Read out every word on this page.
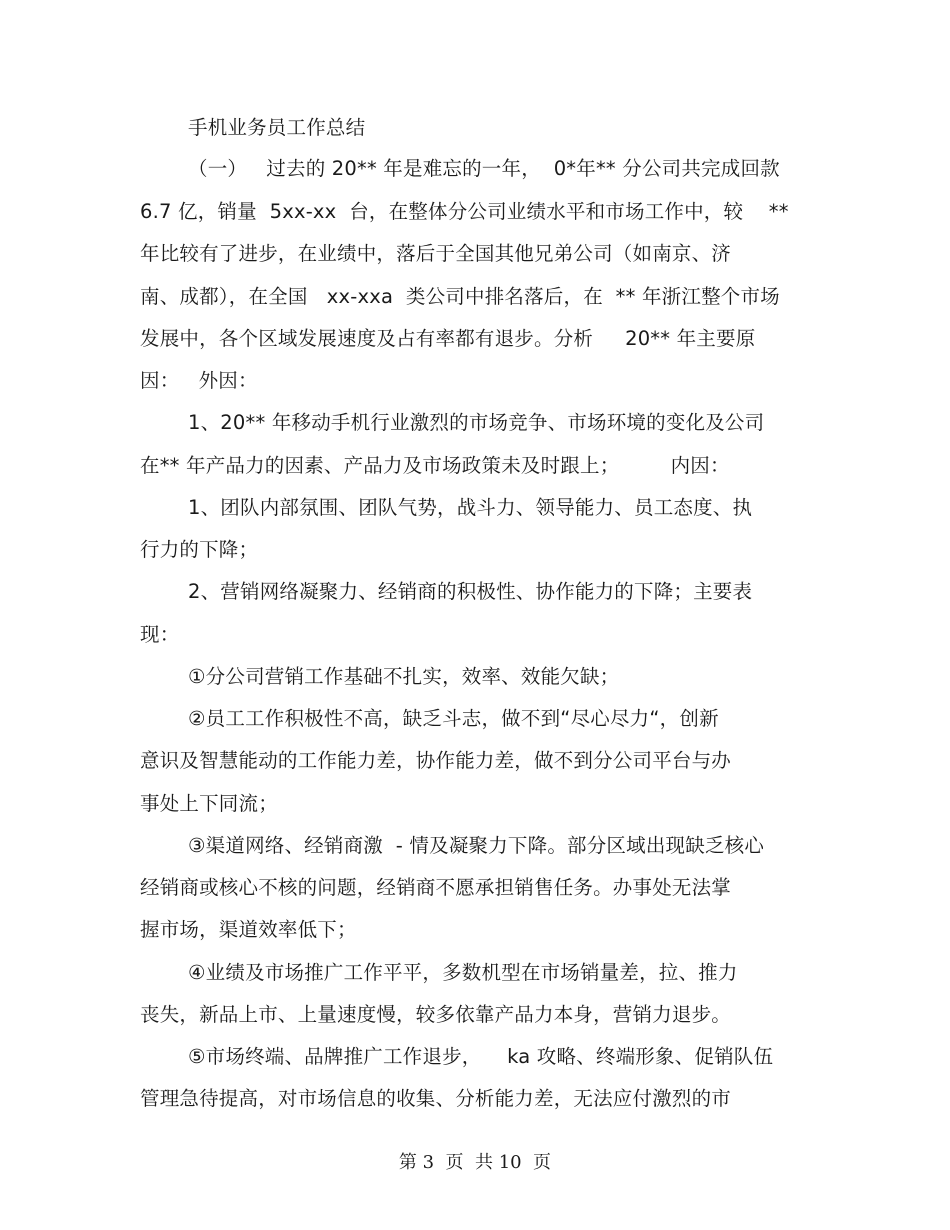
手机业务员工作总结
（一）   过去的 20** 年是难忘的一年，  0*年** 分公司共完成回款
6.7 亿，销量  5xx-xx  台，在整体分公司业绩水平和市场工作中，较    **
年比较有了进步，在业绩中，落后于全国其他兄弟公司（如南京、济
南、成都），在全国   xx-xxa  类公司中排名落后，在  ** 年浙江整个市场
发展中，各个区域发展速度及占有率都有退步。分析     20** 年主要原
因：   外因：
1、20** 年移动手机行业激烈的市场竞争、市场环境的变化及公司
在** 年产品力的因素、产品力及市场政策未及时跟上；        内因：
1、团队内部氛围、团队气势，战斗力、领导能力、员工态度、执
行力的下降；
2、营销网络凝聚力、经销商的积极性、协作能力的下降；主要表
现：
①分公司营销工作基础不扎实，效率、效能欠缺；
②员工工作积极性不高，缺乏斗志，做不到“尽心尽力“，创新
意识及智慧能动的工作能力差，协作能力差，做不到分公司平台与办
事处上下同流；
③渠道网络、经销商激  - 情及凝聚力下降。部分区域出现缺乏核心
经销商或核心不核的问题，经销商不愿承担销售任务。办事处无法掌
握市场，渠道效率低下；
④业绩及市场推广工作平平，多数机型在市场销量差，拉、推力
丧失，新品上市、上量速度慢，较多依靠产品力本身，营销力退步。
⑤市场终端、品牌推广工作退步，    ka 攻略、终端形象、促销队伍
管理急待提高，对市场信息的收集、分析能力差，无法应付激烈的市
第 3  页  共 10  页
